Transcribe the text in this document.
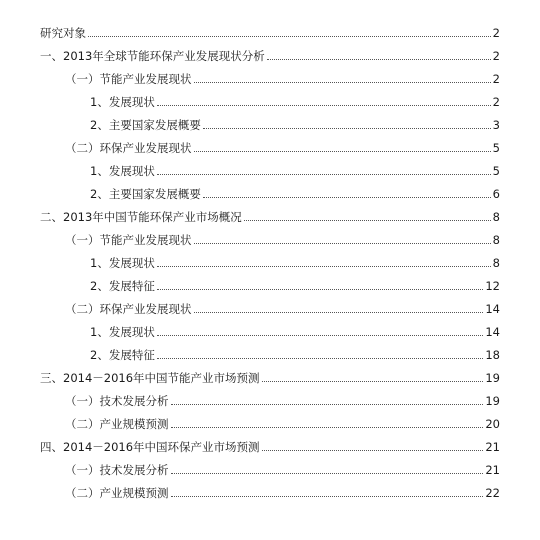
研究对象	2
一、2013年全球节能环保产业发展现状分析	2
（一）节能产业发展现状	2
1、发展现状	2
2、主要国家发展概要	3
（二）环保产业发展现状	5
1、发展现状	5
2、主要国家发展概要	6
二、2013年中国节能环保产业市场概况	8
（一）节能产业发展现状	8
1、发展现状	8
2、发展特征	12
（二）环保产业发展现状	14
1、发展现状	14
2、发展特征	18
三、2014－2016年中国节能产业市场预测	19
（一）技术发展分析	19
（二）产业规模预测	20
四、2014－2016年中国环保产业市场预测	21
（一）技术发展分析	21
（二）产业规模预测	22
